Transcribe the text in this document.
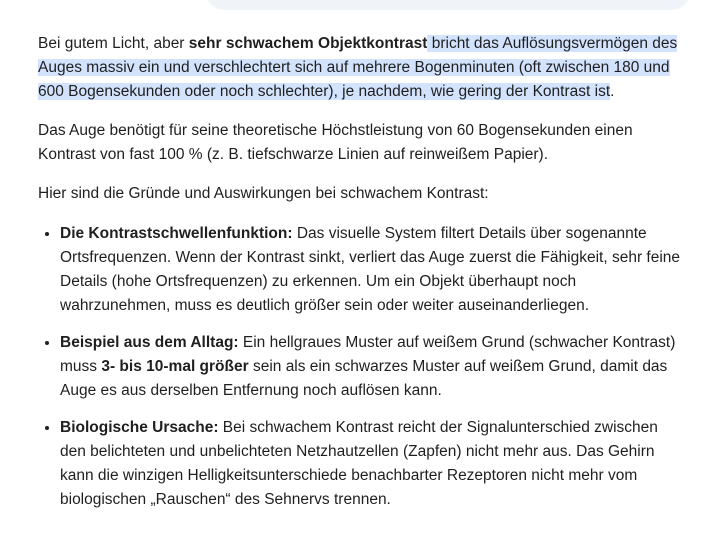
Bei gutem Licht, aber sehr schwachem Objektkontrast bricht das Auflösungsvermögen des Auges massiv ein und verschlechtert sich auf mehrere Bogenminuten (oft zwischen 180 und 600 Bogensekunden oder noch schlechter), je nachdem, wie gering der Kontrast ist.

Das Auge benötigt für seine theoretische Höchstleistung von 60 Bogensekunden einen Kontrast von fast 100 % (z. B. tiefschwarze Linien auf reinweißem Papier).

Hier sind die Gründe und Auswirkungen bei schwachem Kontrast:

• Die Kontrastschwellenfunktion: Das visuelle System filtert Details über sogenannte Ortsfrequenzen. Wenn der Kontrast sinkt, verliert das Auge zuerst die Fähigkeit, sehr feine Details (hohe Ortsfrequenzen) zu erkennen. Um ein Objekt überhaupt noch wahrzunehmen, muss es deutlich größer sein oder weiter auseinanderliegen.
• Beispiel aus dem Alltag: Ein hellgraues Muster auf weißem Grund (schwacher Kontrast) muss 3- bis 10-mal größer sein als ein schwarzes Muster auf weißem Grund, damit das Auge es aus derselben Entfernung noch auflösen kann.
• Biologische Ursache: Bei schwachem Kontrast reicht der Signalunterschied zwischen den belichteten und unbelichteten Netzhautzellen (Zapfen) nicht mehr aus. Das Gehirn kann die winzigen Helligkeitsunterschiede benachbarter Rezeptoren nicht mehr vom biologischen „Rauschen“ des Sehnervs trennen.
